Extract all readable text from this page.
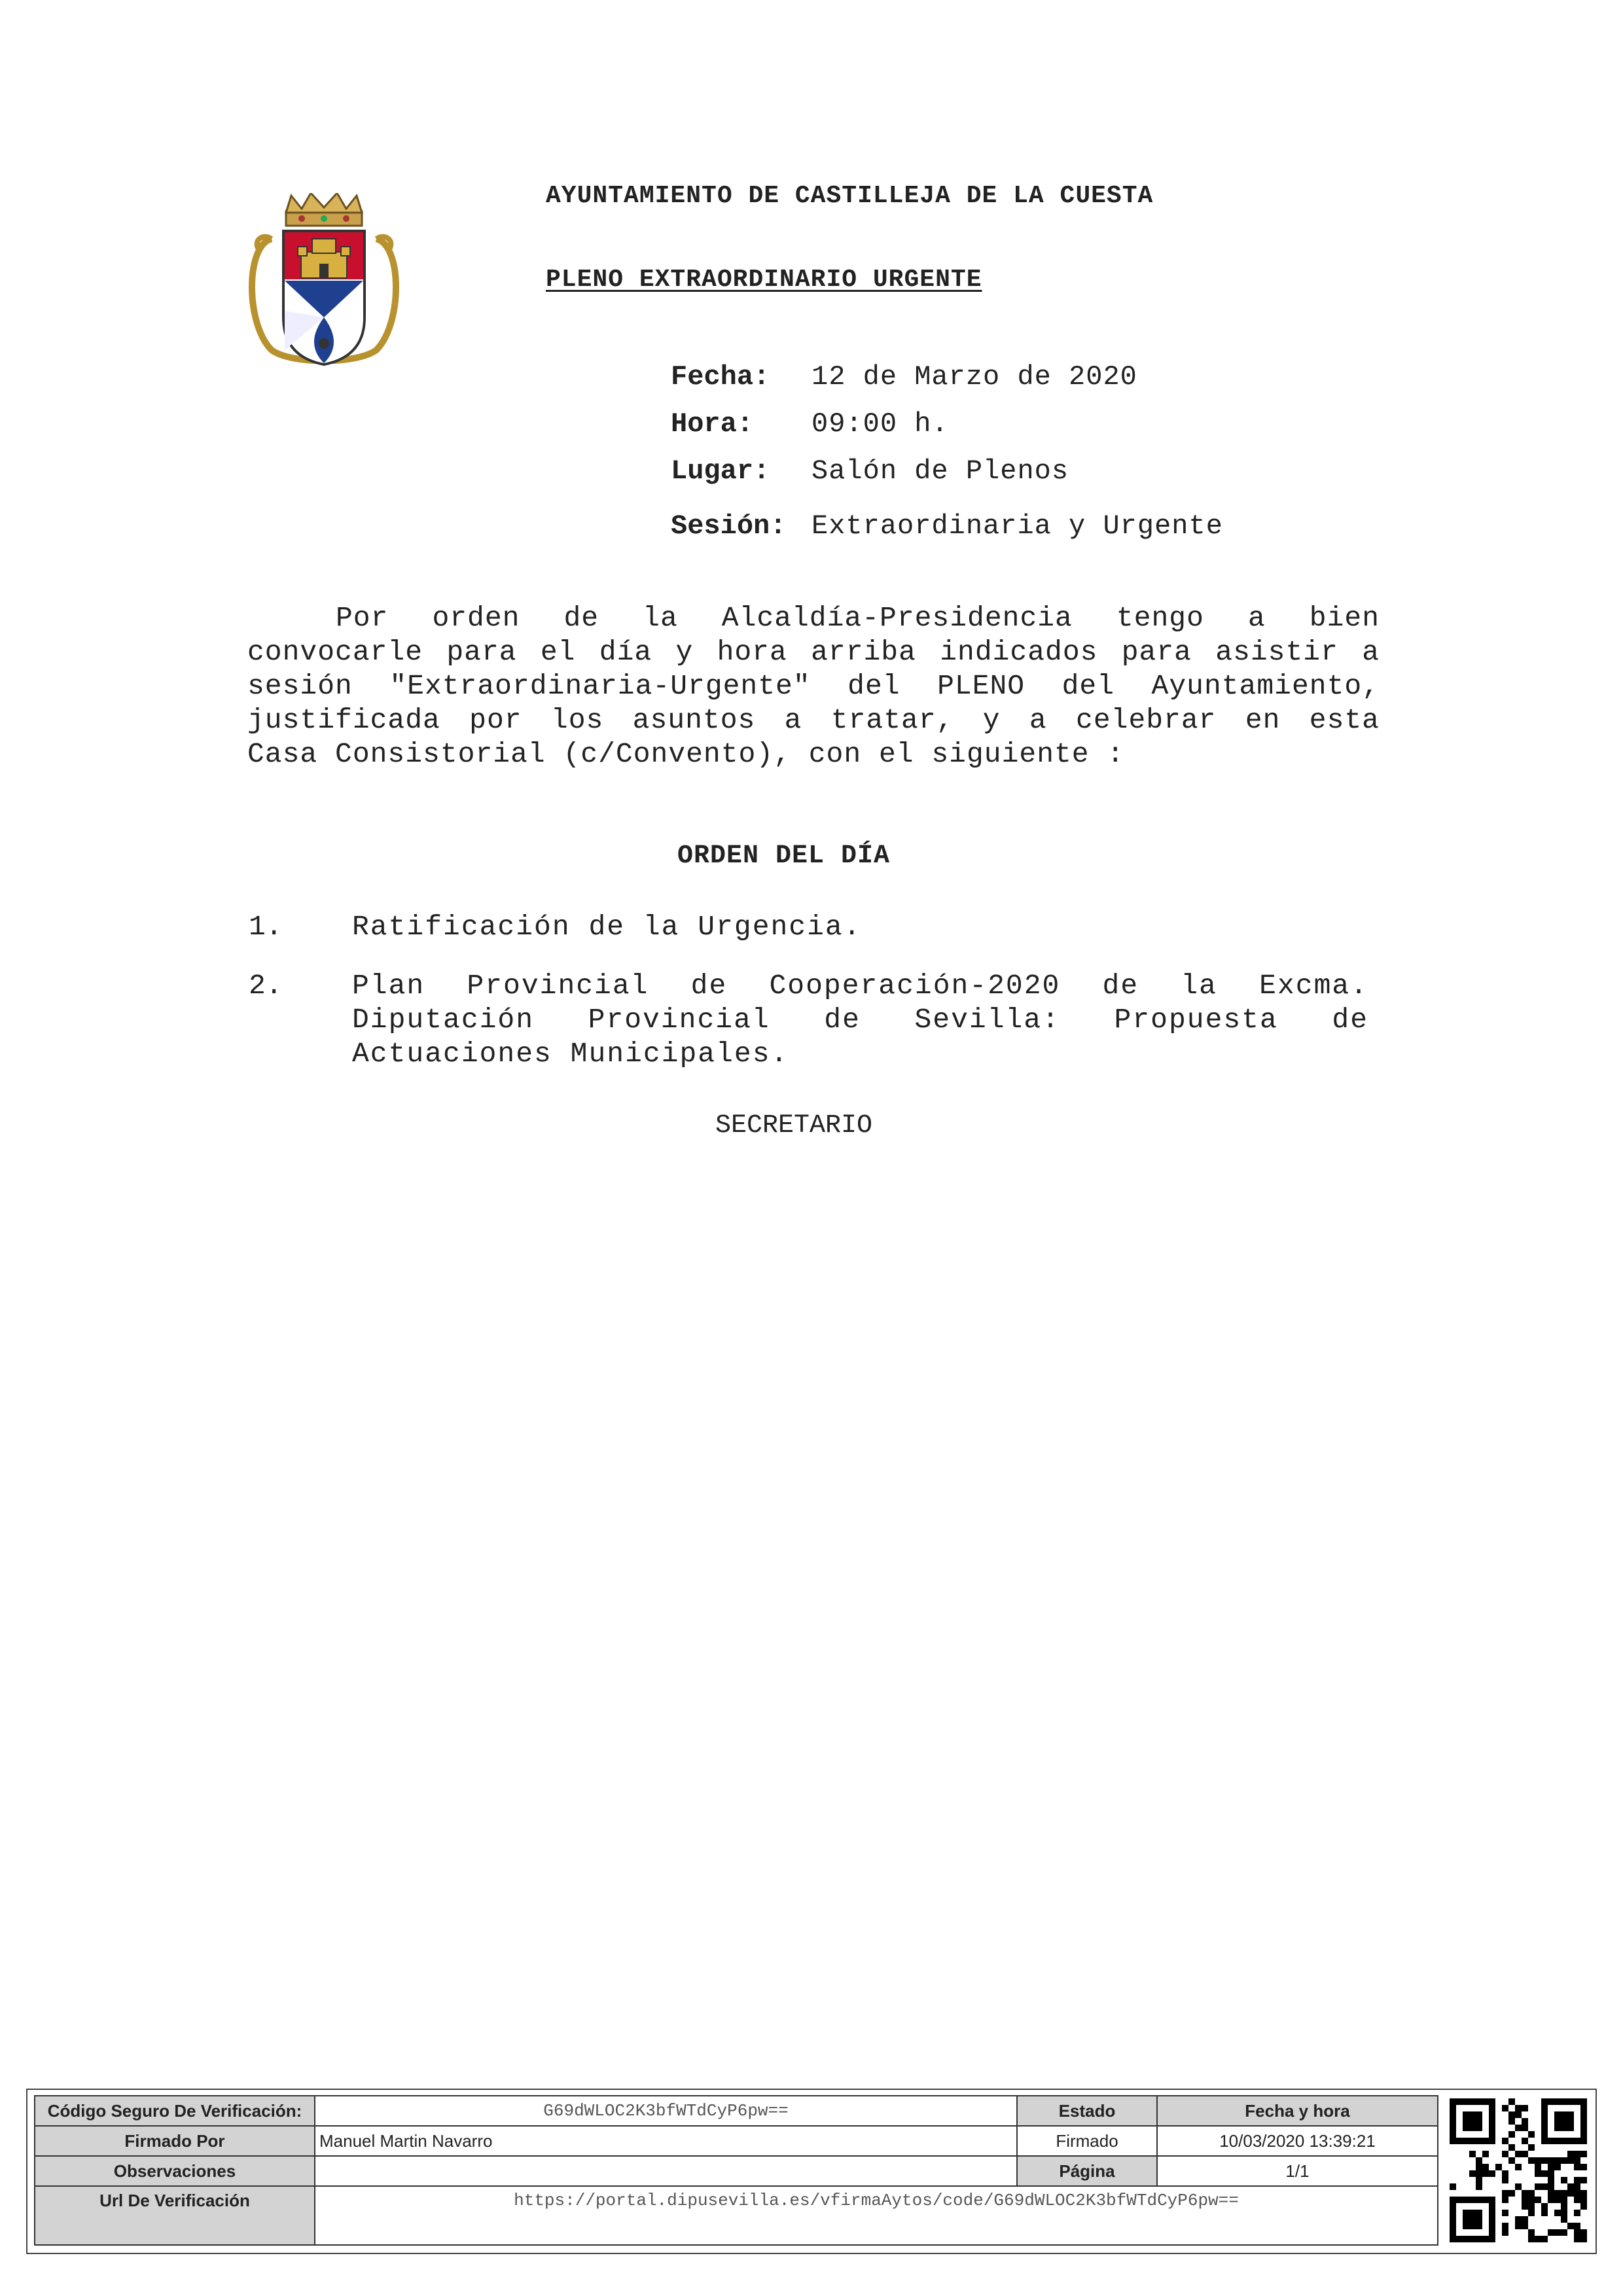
AYUNTAMIENTO DE CASTILLEJA DE LA CUESTA
PLENO EXTRAORDINARIO URGENTE
Fecha: 12 de Marzo de 2020
Hora: 09:00 h.
Lugar: Salón de Plenos
Sesión: Extraordinaria y Urgente
Por orden de la Alcaldía-Presidencia tengo a bien
convocarle para el día y hora arriba indicados para asistir a
sesión "Extraordinaria-Urgente" del PLENO del Ayuntamiento,
justificada por los asuntos a tratar, y a celebrar en esta
Casa Consistorial (c/Convento), con el siguiente :
ORDEN DEL DÍA
1. Ratificación de la Urgencia.
2. Plan Provincial de Cooperación-2020 de la Excma.
Diputación Provincial de Sevilla: Propuesta de
Actuaciones Municipales.
SECRETARIO
Código Seguro De Verificación:	G69dWLOC2K3bfWTdCyP6pw==	Estado	Fecha y hora
Firmado Por	Manuel Martin Navarro	Firmado	10/03/2020 13:39:21
Observaciones		Página	1/1
Url De Verificación	https://portal.dipusevilla.es/vfirmaAytos/code/G69dWLOC2K3bfWTdCyP6pw==		
